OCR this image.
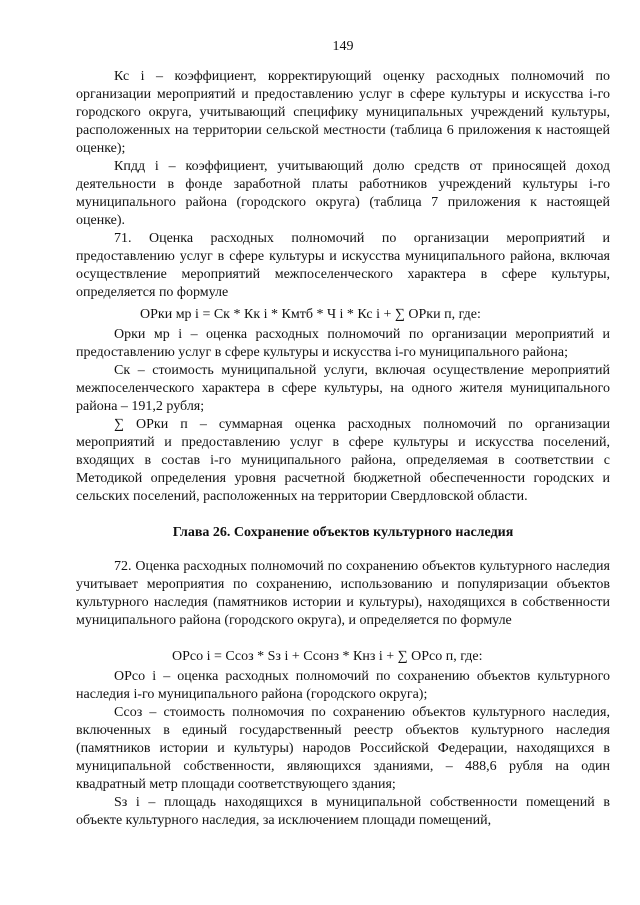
149

Кс i – коэффициент, корректирующий оценку расходных полномочий по организации мероприятий и предоставлению услуг в сфере культуры и искусства i-го городского округа, учитывающий специфику муниципальных учреждений культуры, расположенных на территории сельской местности (таблица 6 приложения к настоящей оценке);

Кпдд i – коэффициент, учитывающий долю средств от приносящей доход деятельности в фонде заработной платы работников учреждений культуры i-го муниципального района (городского округа) (таблица 7 приложения к настоящей оценке).

71. Оценка расходных полномочий по организации мероприятий и предоставлению услуг в сфере культуры и искусства муниципального района, включая осуществление мероприятий межпоселенческого характера в сфере культуры, определяется по формуле

ОРки мр i = Ск * Кк i * Кмтб * Ч i * Кс i + ∑ ОРки п, где:

Орки мр i – оценка расходных полномочий по организации мероприятий и предоставлению услуг в сфере культуры и искусства i-го муниципального района;

Ск – стоимость муниципальной услуги, включая осуществление мероприятий межпоселенческого характера в сфере культуры, на одного жителя муниципального района – 191,2 рубля;

∑ ОРки п – суммарная оценка расходных полномочий по организации мероприятий и предоставлению услуг в сфере культуры и искусства поселений, входящих в состав i-го муниципального района, определяемая в соответствии с Методикой определения уровня расчетной бюджетной обеспеченности городских и сельских поселений, расположенных на территории Свердловской области.

Глава 26. Сохранение объектов культурного наследия

72. Оценка расходных полномочий по сохранению объектов культурного наследия учитывает мероприятия по сохранению, использованию и популяризации объектов культурного наследия (памятников истории и культуры), находящихся в собственности муниципального района (городского округа), и определяется по формуле

ОРсо i = Ссоз * Sз i + Ссонз * Кнз i + ∑ ОРсо п, где:

ОРсо i – оценка расходных полномочий по сохранению объектов культурного наследия i-го муниципального района (городского округа);

Ссоз – стоимость полномочия по сохранению объектов культурного наследия, включенных в единый государственный реестр объектов культурного наследия (памятников истории и культуры) народов Российской Федерации, находящихся в муниципальной собственности, являющихся зданиями, – 488,6 рубля на один квадратный метр площади соответствующего здания;

Sз i – площадь находящихся в муниципальной собственности помещений в объекте культурного наследия, за исключением площади помещений,
